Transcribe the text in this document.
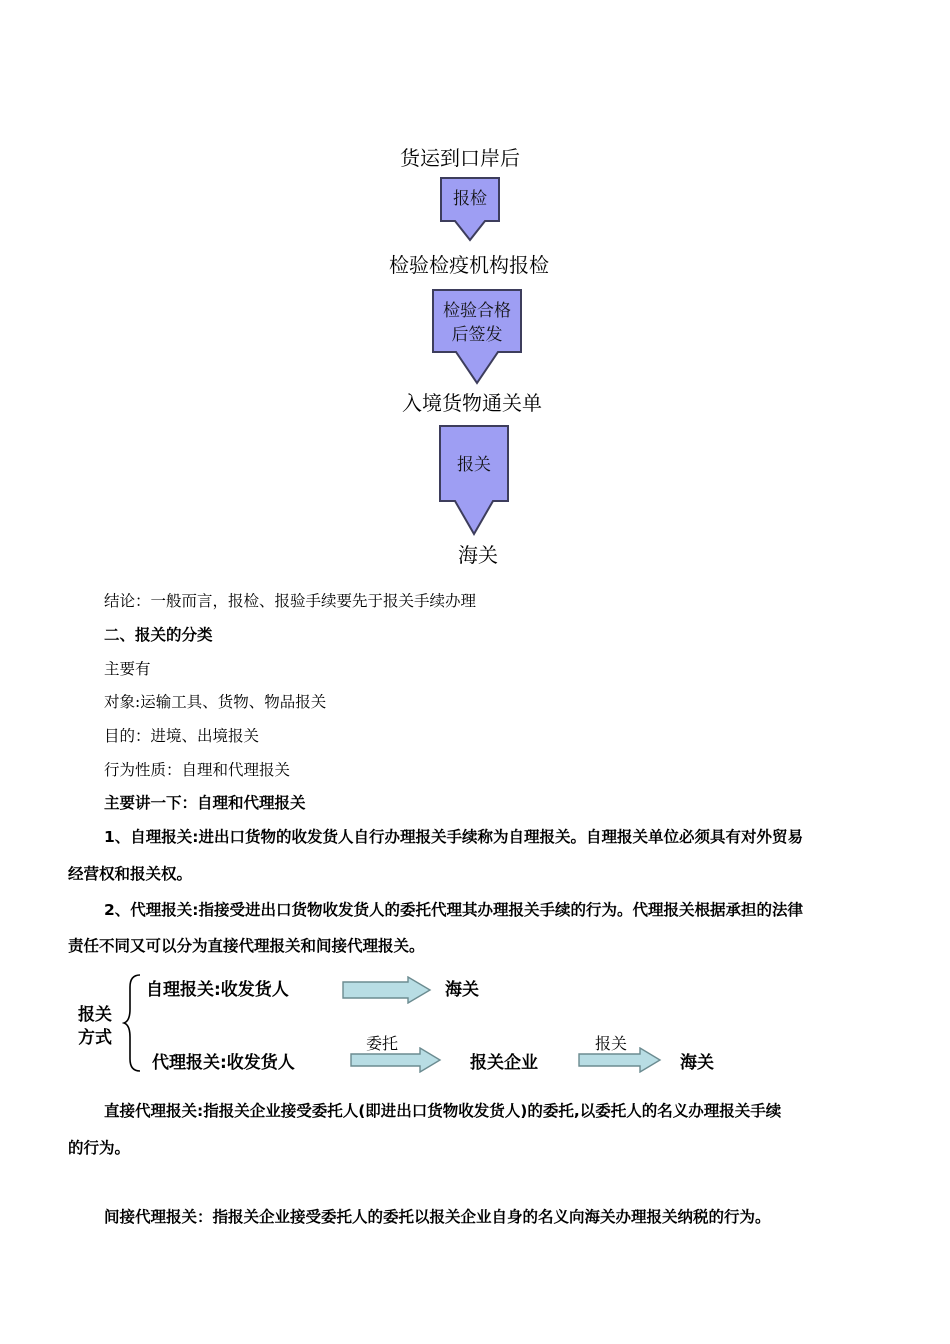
货运到口岸后
报检
检验检疫机构报检
检验合格
后签发
入境货物通关单
报关
海关
结论：一般而言，报检、报验手续要先于报关手续办理
二、报关的分类
主要有
对象:运输工具、货物、物品报关
目的：进境、出境报关
行为性质：自理和代理报关
主要讲一下：自理和代理报关
1、自理报关:进出口货物的收发货人自行办理报关手续称为自理报关。自理报关单位必须具有对外贸易
经营权和报关权。
2、代理报关:指接受进出口货物收发货人的委托代理其办理报关手续的行为。代理报关根据承担的法律
责任不同又可以分为直接代理报关和间接代理报关。
报关
方式
自理报关:收发货人	海关
委托	报关
代理报关:收发货人	报关企业	海关
直接代理报关:指报关企业接受委托人(即进出口货物收发货人)的委托,以委托人的名义办理报关手续
的行为。
间接代理报关：指报关企业接受委托人的委托以报关企业自身的名义向海关办理报关纳税的行为。
